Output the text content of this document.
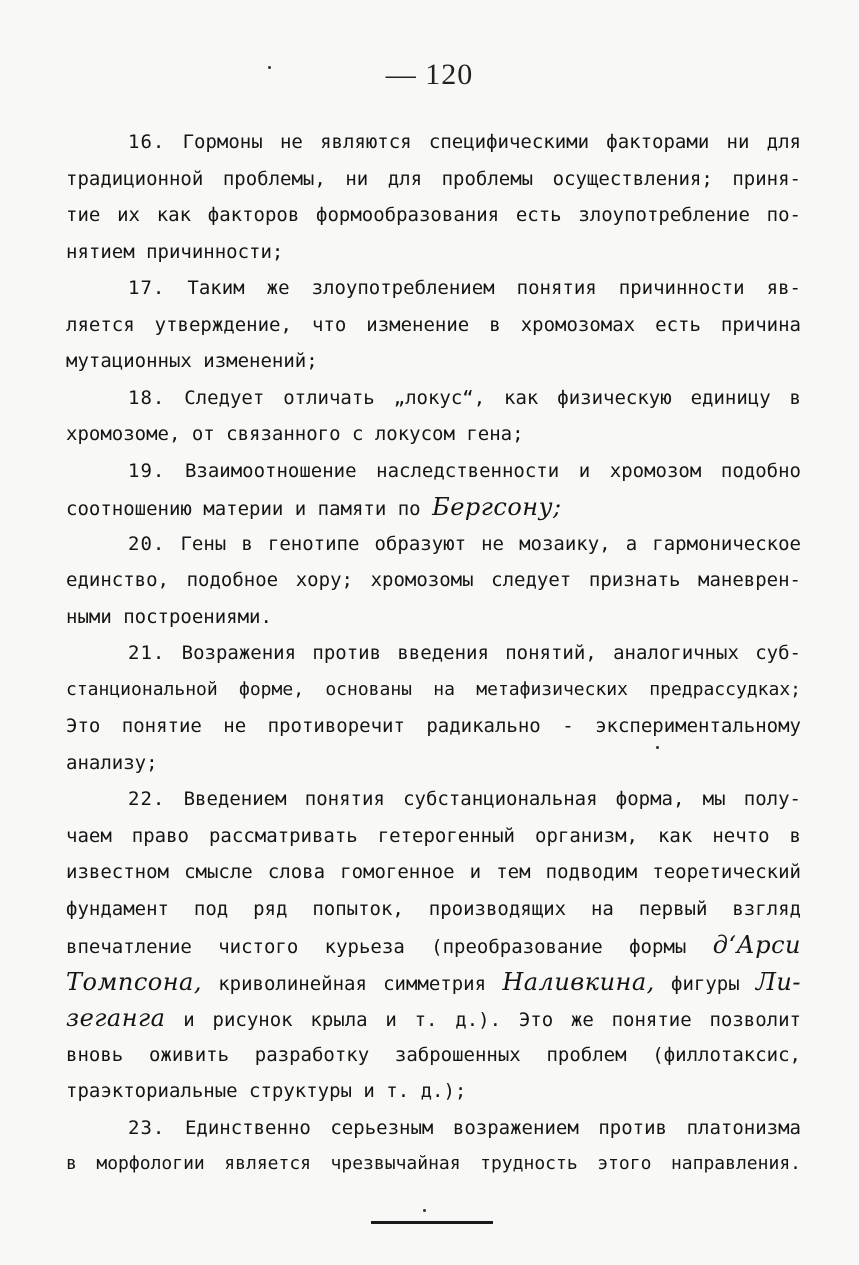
— 120
16. Гормоны не являются специфическими факторами ни для
традиционной проблемы, ни для проблемы осуществления; приня-
тие их как факторов формообразования есть злоупотребление по-
нятием причинности;
17. Таким же злоупотреблением понятия причинности яв-
ляется утверждение, что изменение в хромозомах есть причина
мутационных изменений;
18. Следует отличать „локус“, как физическую единицу в
хромозоме, от связанного с локусом гена;
19. Взаимоотношение наследственности и хромозом подобно
соотношению материи и памяти по Бергсону;
20. Гены в генотипе образуют не мозаику, а гармоническое
единство, подобное хору; хромозомы следует признать маневрен-
ными построениями.
21. Возражения против введения понятий, аналогичных суб-
станциональной форме, основаны на метафизических предрассудках;
Это понятие не противоречит радикально - экспериментальному
анализу;
22. Введением понятия субстанциональная форма, мы полу-
чаем право рассматривать гетерогенный организм, как нечто в
известном смысле слова гомогенное и тем подводим теоретический
фундамент под ряд попыток, производящих на первый взгляд
впечатление чистого курьеза (преобразование формы д‘Арси
Томпсона, криволинейная симметрия Наливкина, фигуры Ли-
зеганга и рисунок крыла и т. д.). Это же понятие позволит
вновь оживить разработку заброшенных проблем (филлотаксис,
траэкториальные структуры и т. д.);
23. Единственно серьезным возражением против платонизма
в морфологии является чрезвычайная трудность этого направления.
